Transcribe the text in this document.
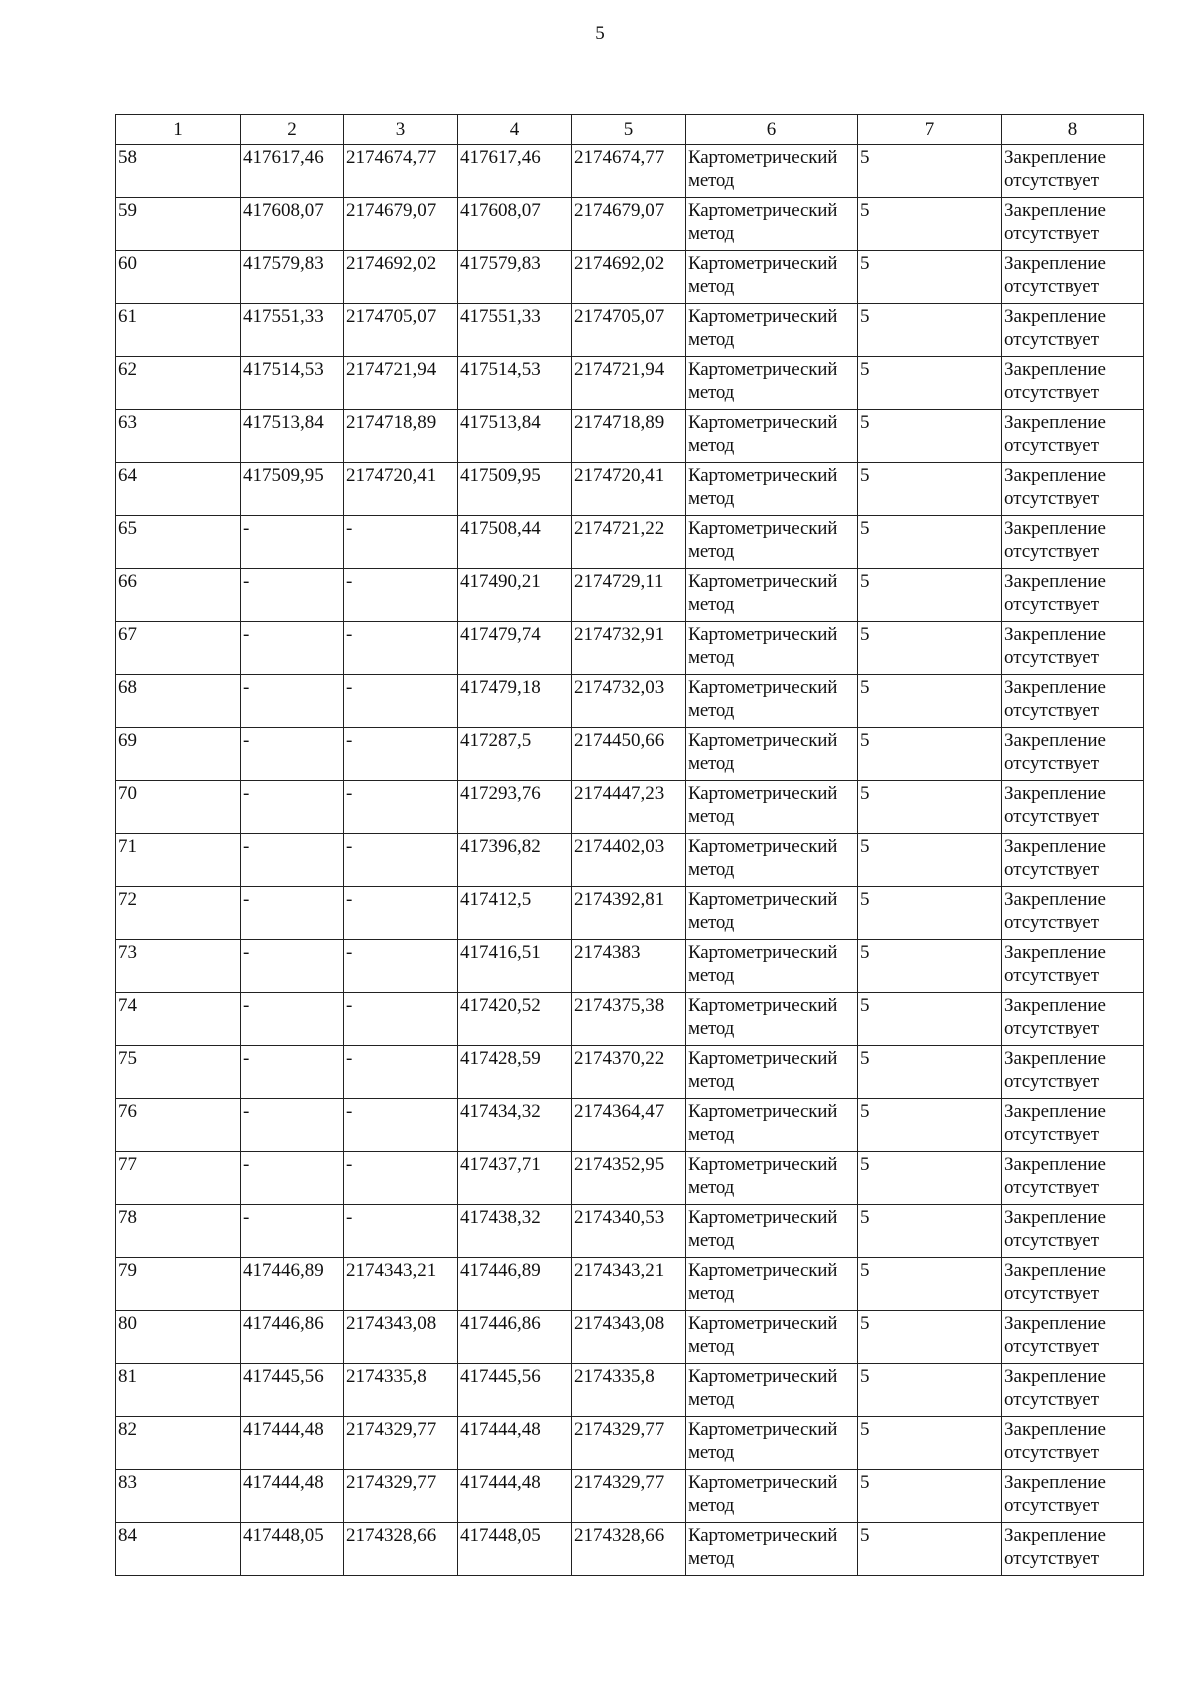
5
1	2	3	4	5	6	7	8
58	417617,46	2174674,77	417617,46	2174674,77	Картометрический метод	5	Закрепление отсутствует
59	417608,07	2174679,07	417608,07	2174679,07	Картометрический метод	5	Закрепление отсутствует
60	417579,83	2174692,02	417579,83	2174692,02	Картометрический метод	5	Закрепление отсутствует
61	417551,33	2174705,07	417551,33	2174705,07	Картометрический метод	5	Закрепление отсутствует
62	417514,53	2174721,94	417514,53	2174721,94	Картометрический метод	5	Закрепление отсутствует
63	417513,84	2174718,89	417513,84	2174718,89	Картометрический метод	5	Закрепление отсутствует
64	417509,95	2174720,41	417509,95	2174720,41	Картометрический метод	5	Закрепление отсутствует
65	-	-	417508,44	2174721,22	Картометрический метод	5	Закрепление отсутствует
66	-	-	417490,21	2174729,11	Картометрический метод	5	Закрепление отсутствует
67	-	-	417479,74	2174732,91	Картометрический метод	5	Закрепление отсутствует
68	-	-	417479,18	2174732,03	Картометрический метод	5	Закрепление отсутствует
69	-	-	417287,5	2174450,66	Картометрический метод	5	Закрепление отсутствует
70	-	-	417293,76	2174447,23	Картометрический метод	5	Закрепление отсутствует
71	-	-	417396,82	2174402,03	Картометрический метод	5	Закрепление отсутствует
72	-	-	417412,5	2174392,81	Картометрический метод	5	Закрепление отсутствует
73	-	-	417416,51	2174383	Картометрический метод	5	Закрепление отсутствует
74	-	-	417420,52	2174375,38	Картометрический метод	5	Закрепление отсутствует
75	-	-	417428,59	2174370,22	Картометрический метод	5	Закрепление отсутствует
76	-	-	417434,32	2174364,47	Картометрический метод	5	Закрепление отсутствует
77	-	-	417437,71	2174352,95	Картометрический метод	5	Закрепление отсутствует
78	-	-	417438,32	2174340,53	Картометрический метод	5	Закрепление отсутствует
79	417446,89	2174343,21	417446,89	2174343,21	Картометрический метод	5	Закрепление отсутствует
80	417446,86	2174343,08	417446,86	2174343,08	Картометрический метод	5	Закрепление отсутствует
81	417445,56	2174335,8	417445,56	2174335,8	Картометрический метод	5	Закрепление отсутствует
82	417444,48	2174329,77	417444,48	2174329,77	Картометрический метод	5	Закрепление отсутствует
83	417444,48	2174329,77	417444,48	2174329,77	Картометрический метод	5	Закрепление отсутствует
84	417448,05	2174328,66	417448,05	2174328,66	Картометрический метод	5	Закрепление отсутствует
